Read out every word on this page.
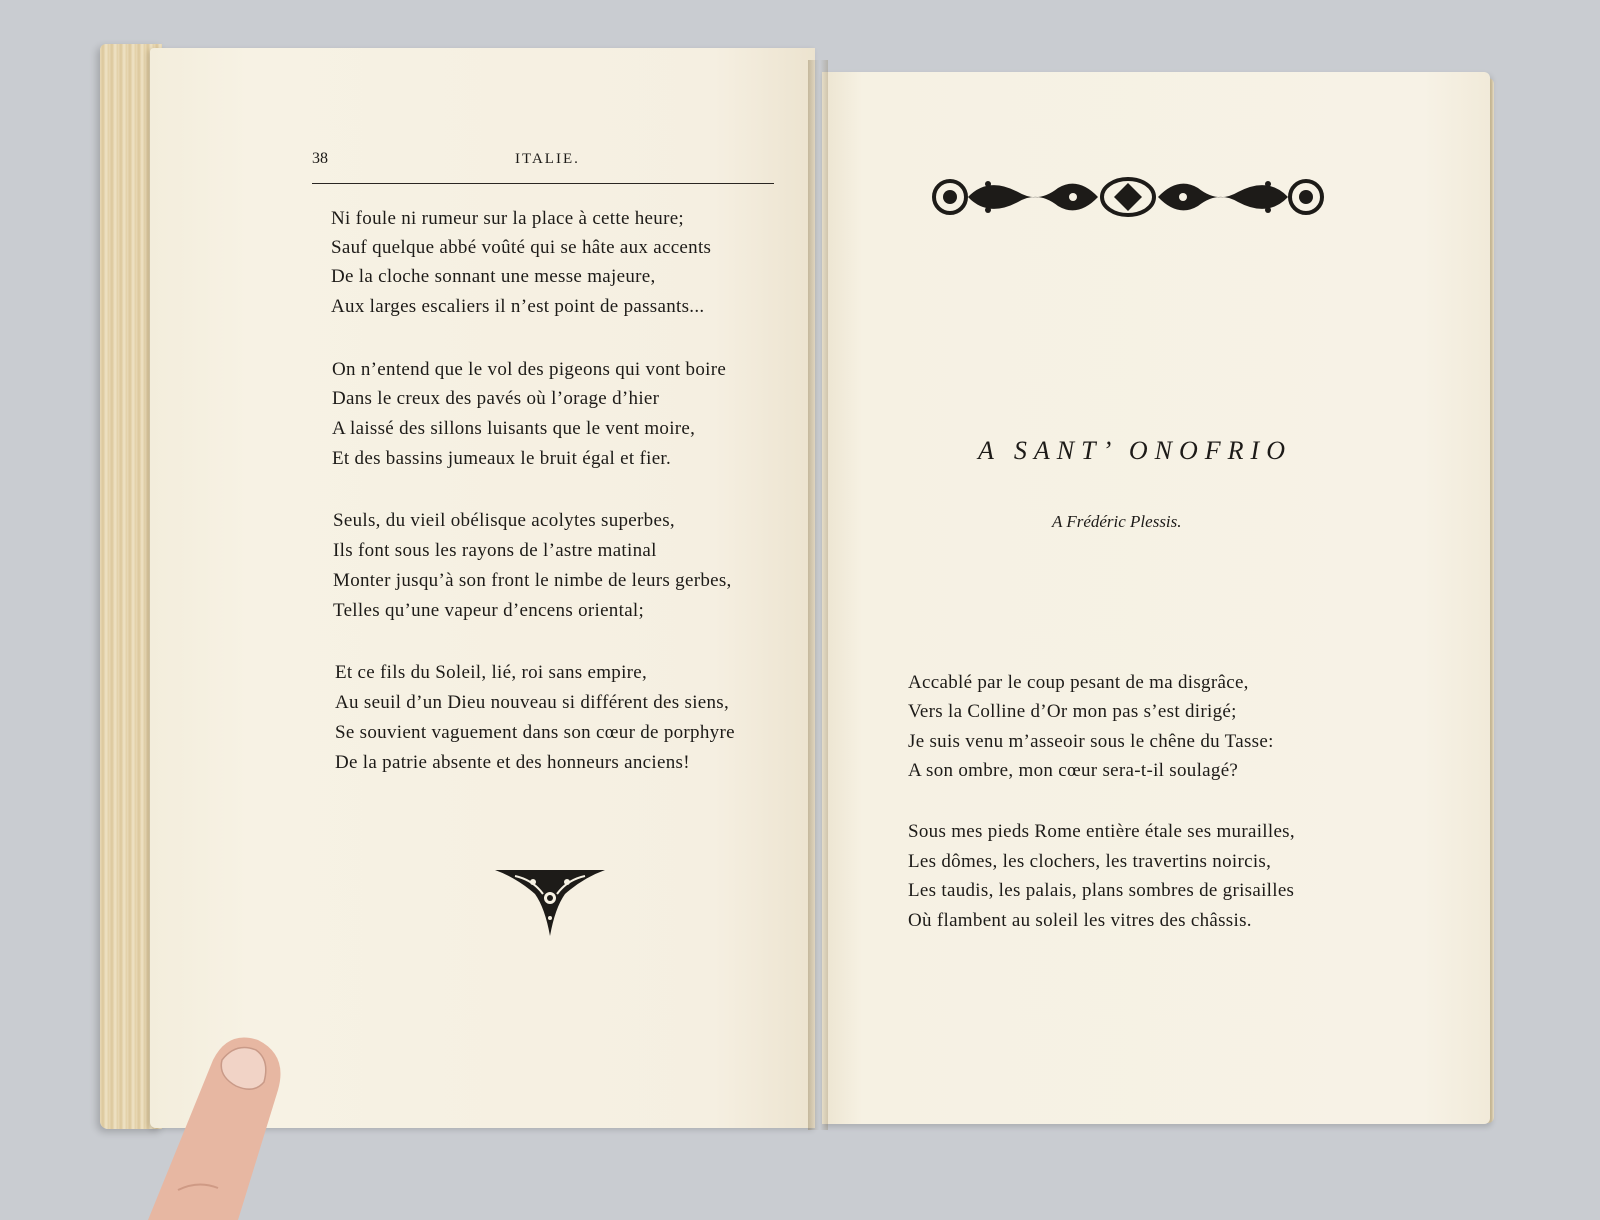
38	ITALIE.
Ni foule ni rumeur sur la place à cette heure;
Sauf quelque abbé voûté qui se hâte aux accents
De la cloche sonnant une messe majeure,
Aux larges escaliers il n’est point de passants...
On n’entend que le vol des pigeons qui vont boire
Dans le creux des pavés où l’orage d’hier
A laissé des sillons luisants que le vent moire,
Et des bassins jumeaux le bruit égal et fier.
Seuls, du vieil obélisque acolytes superbes,
Ils font sous les rayons de l’astre matinal
Monter jusqu’à son front le nimbe de leurs gerbes,
Telles qu’une vapeur d’encens oriental;
Et ce fils du Soleil, lié, roi sans empire,
Au seuil d’un Dieu nouveau si différent des siens,
Se souvient vaguement dans son cœur de porphyre
De la patrie absente et des honneurs anciens!
A SANT’ ONOFRIO
A Frédéric Plessis.
Accablé par le coup pesant de ma disgrâce,
Vers la Colline d’Or mon pas s’est dirigé;
Je suis venu m’asseoir sous le chêne du Tasse:
A son ombre, mon cœur sera-t-il soulagé?
Sous mes pieds Rome entière étale ses murailles,
Les dômes, les clochers, les travertins noircis,
Les taudis, les palais, plans sombres de grisailles
Où flambent au soleil les vitres des châssis.
